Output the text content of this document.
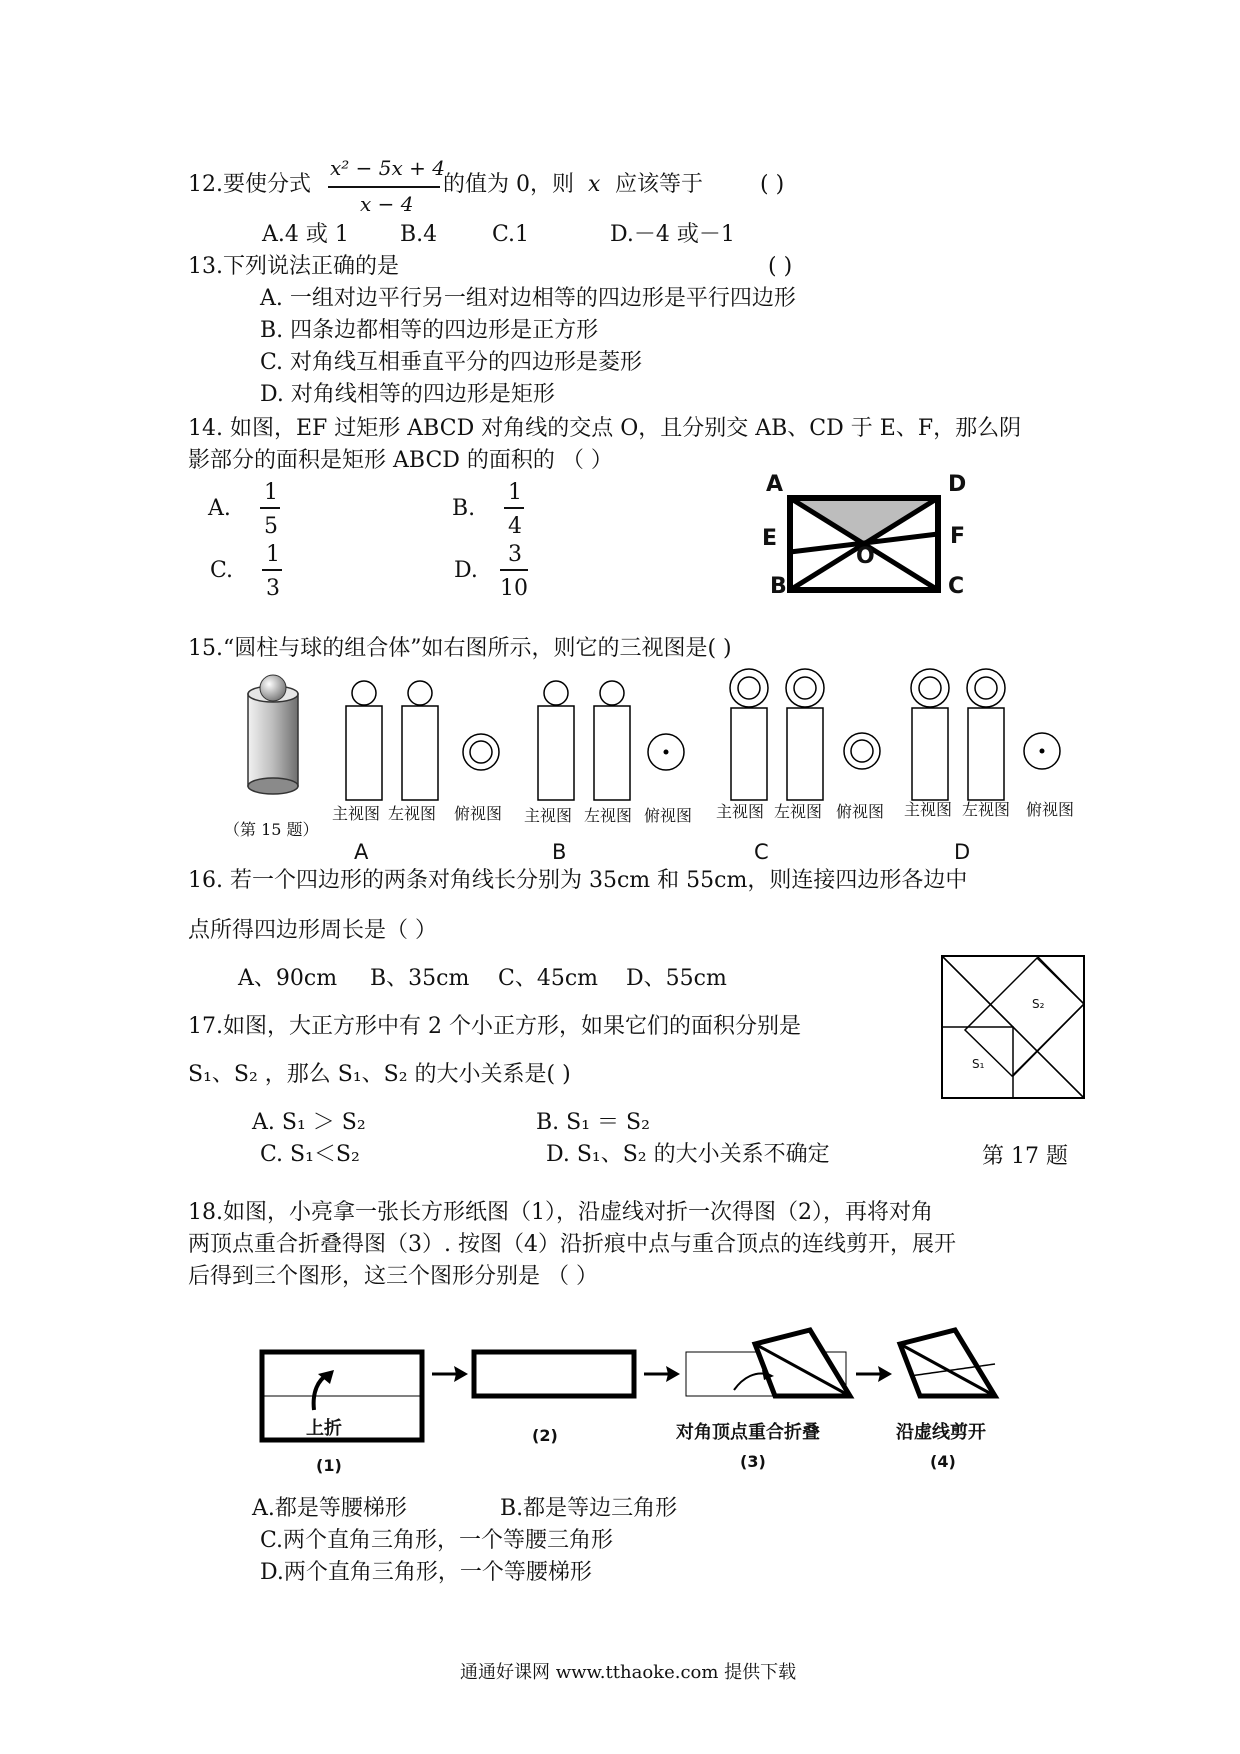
12.要使分式
x² − 5x + 4
x − 4
的值为 0，则 x 应该等于	( )
A.4 或 1 B.4 C.1	D.－4 或－1
13.下列说法正确的是	( )
A. 一组对边平行另一组对边相等的四边形是平行四边形
B. 四条边都相等的四边形是正方形
C. 对角线互相垂直平分的四边形是菱形
D. 对角线相等的四边形是矩形
14. 如图，EF 过矩形 ABCD 对角线的交点 O，且分别交 AB、CD 于 E、F，那么阴
影部分的面积是矩形 ABCD 的面积的 （ ）
A.
1
5
B.
1
4
C.
1
3
D.
3
10
A	D
E	F
O
B	C
15.“圆柱与球的组合体”如右图所示，则它的三视图是( )
（第 15 题）
主视图 左视图 俯视图 主视图 左视图 俯视图 主视图 左视图 俯视图 主视图 左视图 俯视图
A	B	C	D
16. 若一个四边形的两条对角线长分别为 35cm 和 55cm，则连接四边形各边中
点所得四边形周长是（ ）
A、90cm B、35cm C、45cm D、55cm
17.如图，大正方形中有 2 个小正方形，如果它们的面积分别是
S₁、S₂ ，那么 S₁、S₂ 的大小关系是( )
A. S₁ ＞ S₂	B. S₁ ＝ S₂
C. S₁＜S₂	D. S₁、S₂ 的大小关系不确定
S₁
S₂
第 17 题
18.如图，小亮拿一张长方形纸图（1），沿虚线对折一次得图（2），再将对角
两顶点重合折叠得图（3）. 按图（4）沿折痕中点与重合顶点的连线剪开，展开
后得到三个图形，这三个图形分别是 （ ）
上折
(1)
(2)	对角顶点重合折叠
(3)
沿虚线剪开
(4)
A.都是等腰梯形	B.都是等边三角形
C.两个直角三角形，一个等腰三角形
D.两个直角三角形，一个等腰梯形
通通好课网 www.tthaoke.com 提供下载
